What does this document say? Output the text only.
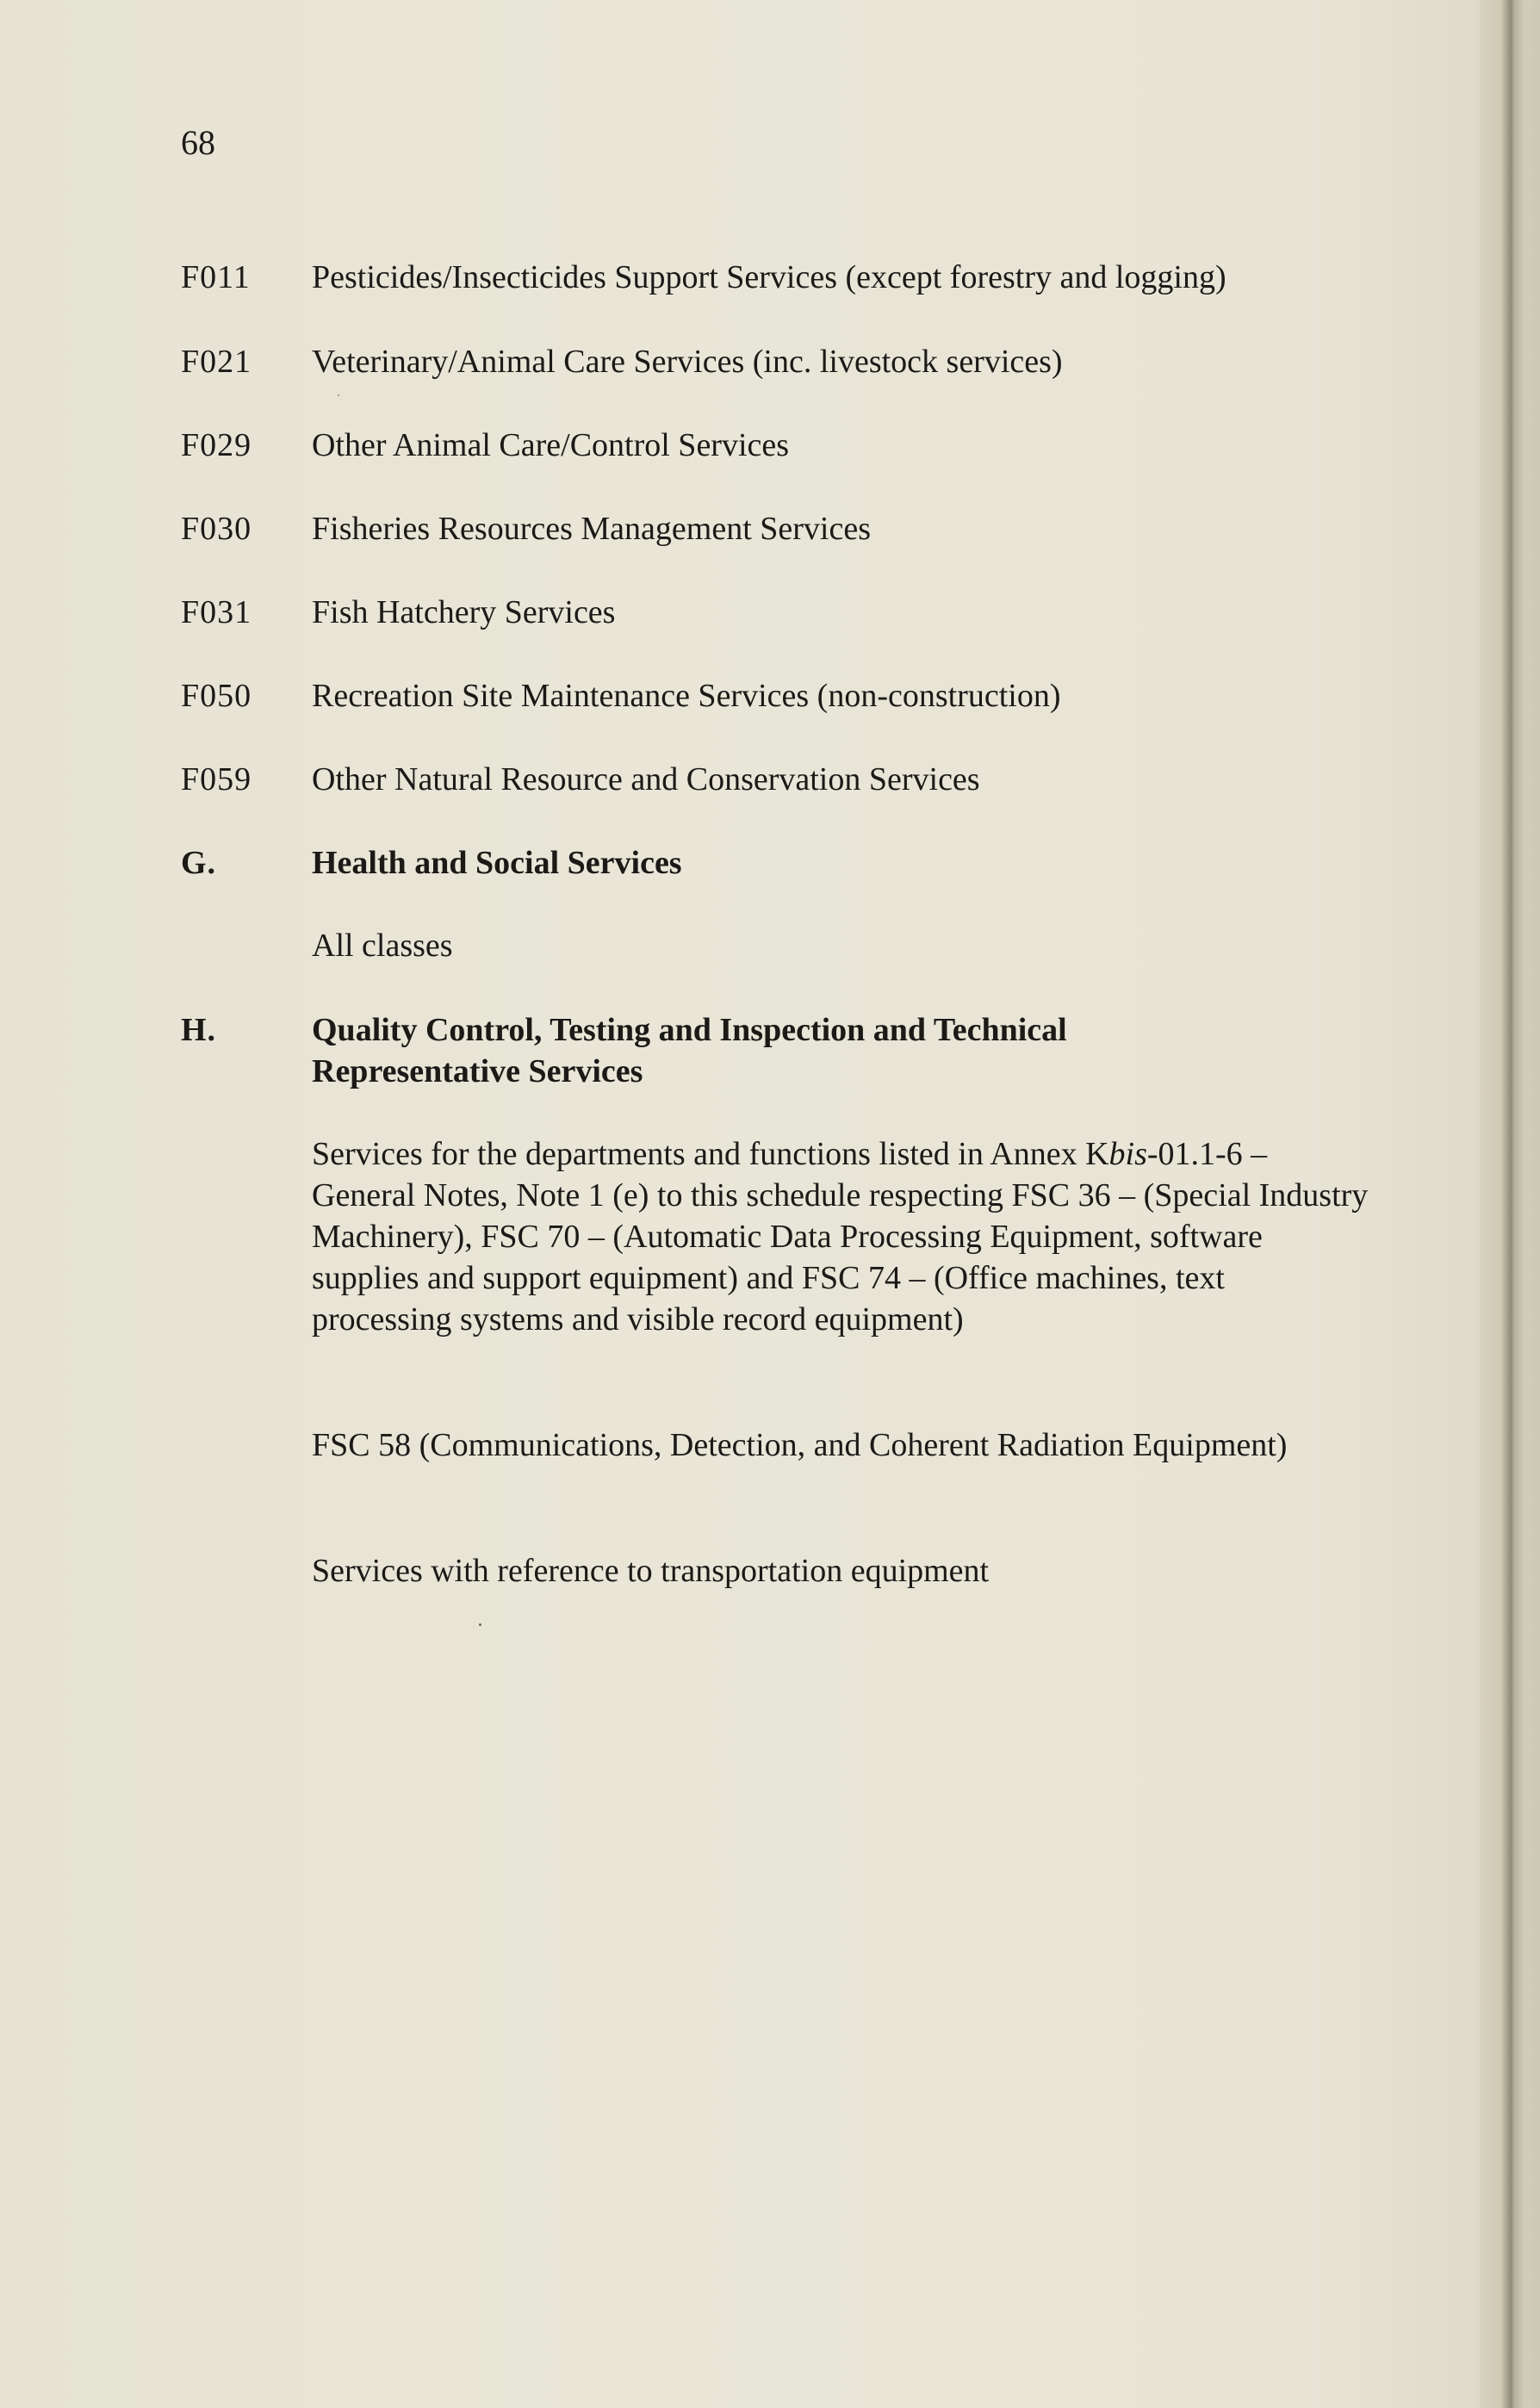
68
F011	Pesticides/Insecticides Support Services (except forestry and logging)
F021	Veterinary/Animal Care Services (inc. livestock services)
F029	Other Animal Care/Control Services
F030	Fisheries Resources Management Services
F031	Fish Hatchery Services
F050	Recreation Site Maintenance Services (non-construction)
F059	Other Natural Resource and Conservation Services
G.	Health and Social Services
All classes
H.	Quality Control, Testing and Inspection and Technical
Representative Services
Services for the departments and functions listed in Annex Kbis-01.1-6 – General Notes, Note 1 (e) to this schedule respecting FSC 36 – (Special Industry Machinery), FSC 70 – (Automatic Data Processing Equipment, software supplies and support equipment) and FSC 74 – (Office machines, text processing systems and visible record equipment)
FSC 58 (Communications, Detection, and Coherent Radiation Equipment)
Services with reference to transportation equipment
